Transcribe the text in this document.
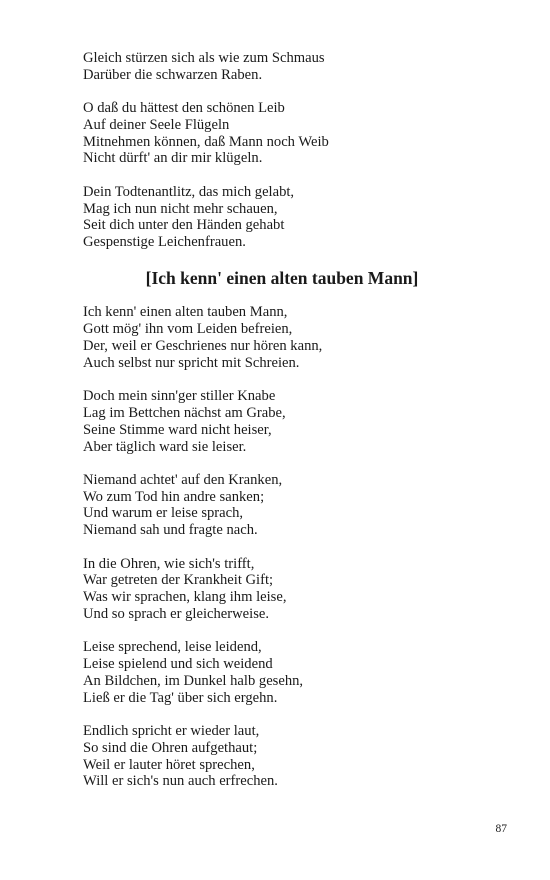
Gleich stürzen sich als wie zum Schmaus
Darüber die schwarzen Raben.
O daß du hättest den schönen Leib
Auf deiner Seele Flügeln
Mitnehmen können, daß Mann noch Weib
Nicht dürft' an dir mir klügeln.
Dein Todtenantlitz, das mich gelabt,
Mag ich nun nicht mehr schauen,
Seit dich unter den Händen gehabt
Gespenstige Leichenfrauen.
[Ich kenn' einen alten tauben Mann]
Ich kenn' einen alten tauben Mann,
Gott mög' ihn vom Leiden befreien,
Der, weil er Geschrienes nur hören kann,
Auch selbst nur spricht mit Schreien.
Doch mein sinn'ger stiller Knabe
Lag im Bettchen nächst am Grabe,
Seine Stimme ward nicht heiser,
Aber täglich ward sie leiser.
Niemand achtet' auf den Kranken,
Wo zum Tod hin andre sanken;
Und warum er leise sprach,
Niemand sah und fragte nach.
In die Ohren, wie sich's trifft,
War getreten der Krankheit Gift;
Was wir sprachen, klang ihm leise,
Und so sprach er gleicherweise.
Leise sprechend, leise leidend,
Leise spielend und sich weidend
An Bildchen, im Dunkel halb gesehn,
Ließ er die Tag' über sich ergehn.
Endlich spricht er wieder laut,
So sind die Ohren aufgethaut;
Weil er lauter höret sprechen,
Will er sich's nun auch erfrechen.
87
